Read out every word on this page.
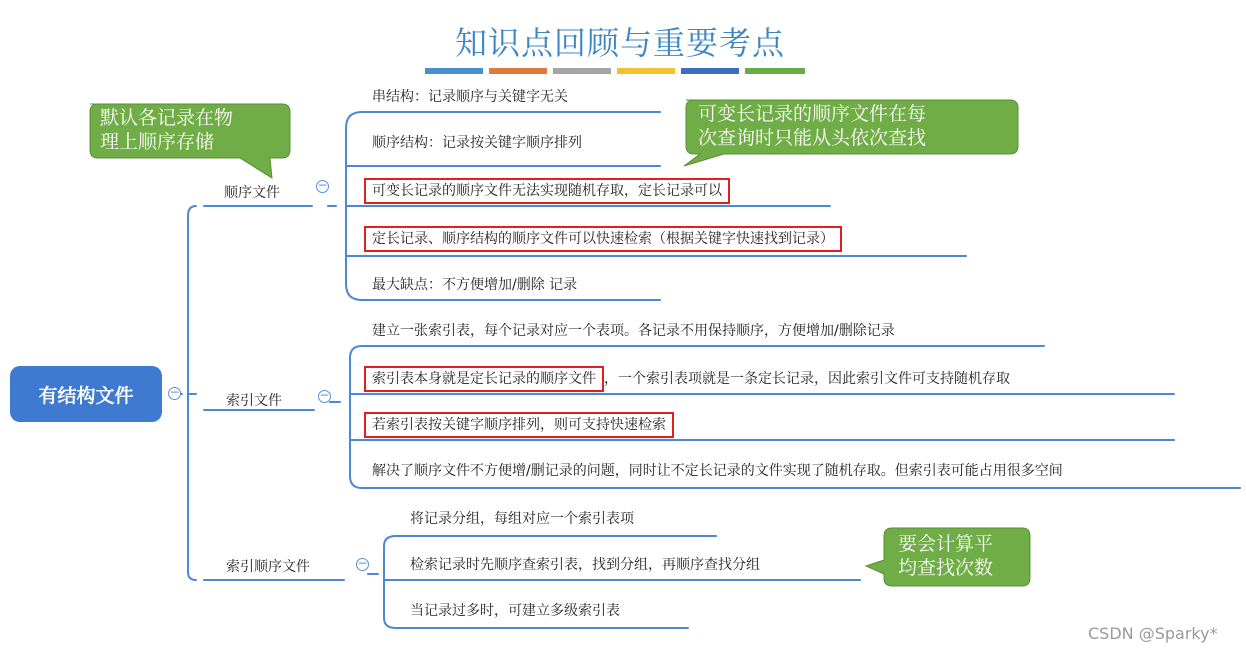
知识点回顾与重要考点
有结构文件	−
顺序文件	−
串结构：记录顺序与关键字无关
顺序结构：记录按关键字顺序排列
可变长记录的顺序文件无法实现随机存取，定长记录可以
定长记录、顺序结构的顺序文件可以快速检索（根据关键字快速找到记录）
最大缺点：不方便增加/删除 记录
索引文件	−
建立一张索引表，每个记录对应一个表项。各记录不用保持顺序，方便增加/删除记录
索引表本身就是定长记录的顺序文件 ，一个索引表项就是一条定长记录，因此索引文件可支持随机存取
若索引表按关键字顺序排列，则可支持快速检索
解决了顺序文件不方便增/删记录的问题，同时让不定长记录的文件实现了随机存取。但索引表可能占用很多空间
索引顺序文件	−
将记录分组，每组对应一个索引表项
检索记录时先顺序查索引表，找到分组，再顺序查找分组
当记录过多时，可建立多级索引表
默认各记录在物
理上顺序存储
可变长记录的顺序文件在每
次查询时只能从头依次查找
要会计算平
均查找次数
CSDN @Sparky*
